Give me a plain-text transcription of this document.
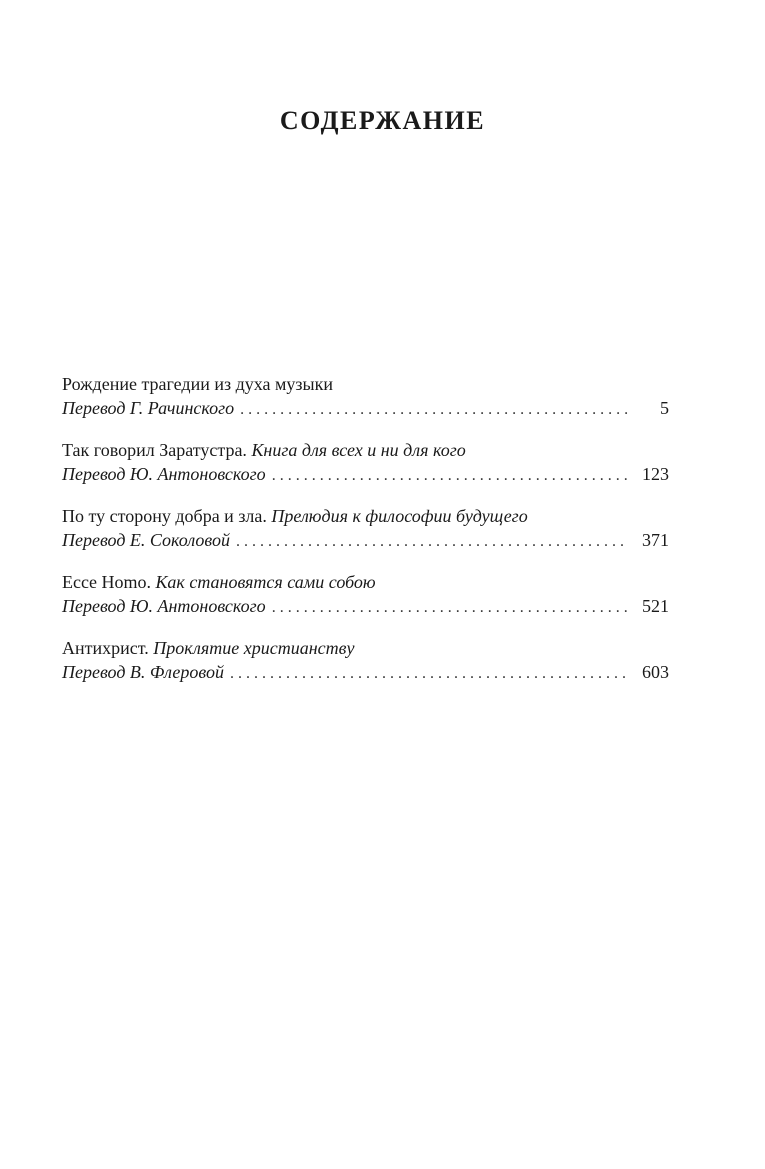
СОДЕРЖАНИЕ
Рождение трагедии из духа музыки
Перевод Г. Рачинского . . .	5
Так говорил Заратустра. Книга для всех и ни для кого
Перевод Ю. Антоновского . . .	123
По ту сторону добра и зла. Прелюдия к философии будущего
Перевод Е. Соколовой . . .	371
Ecce Homo. Как становятся сами собою
Перевод Ю. Антоновского . . .	521
Антихрист. Проклятие христианству
Перевод В. Флеровой . . .	603
